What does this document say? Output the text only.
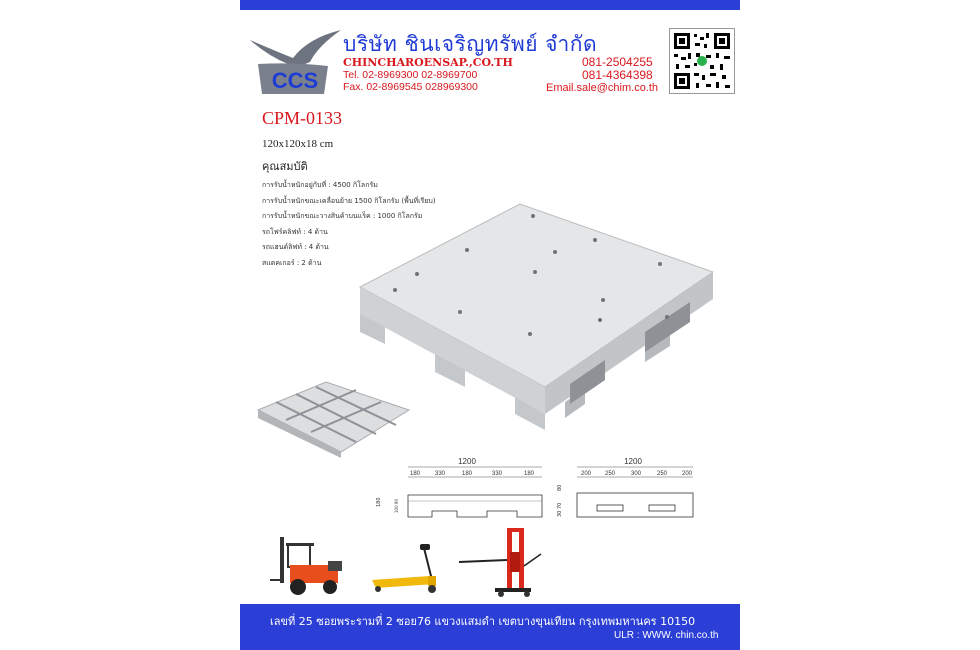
CCS
บริษัท ชินเจริญทรัพย์ จำกัด
CHINCHAROENSAP.,CO.TH
Tel. 02-8969300 02-8969700
Fax. 02-8969545 028969300
081-2504255
081-4364398
Email.sale@chim.co.th
CPM-0133
120x120x18 cm
คุณสมบัติ
การรับน้ำหนักอยู่กับที่ : 4500 กิโลกรัม
การรับน้ำหนักขณะเคลื่อนย้าย 1500 กิโลกรัม (พื้นที่เรียบ)
การรับน้ำหนักขณะวางสินค้าบนแร็ค : 1000 กิโลกรัม
รถโฟร์คลิฟท์ : 4 ด้าน
รถแฮนด์ลิฟท์ : 4 ด้าน
สแตคเกอร์ : 2 ด้าน
1200
180 330	180	330	180
180	100 90
1200
200 250	300	250 200
80
30 70
เลขที่ 25 ซอยพระรามที่ 2 ซอย76 แขวงแสมดำ เขตบางขุนเทียน กรุงเทพมหานคร 10150
ULR : WWW. chin.co.th
